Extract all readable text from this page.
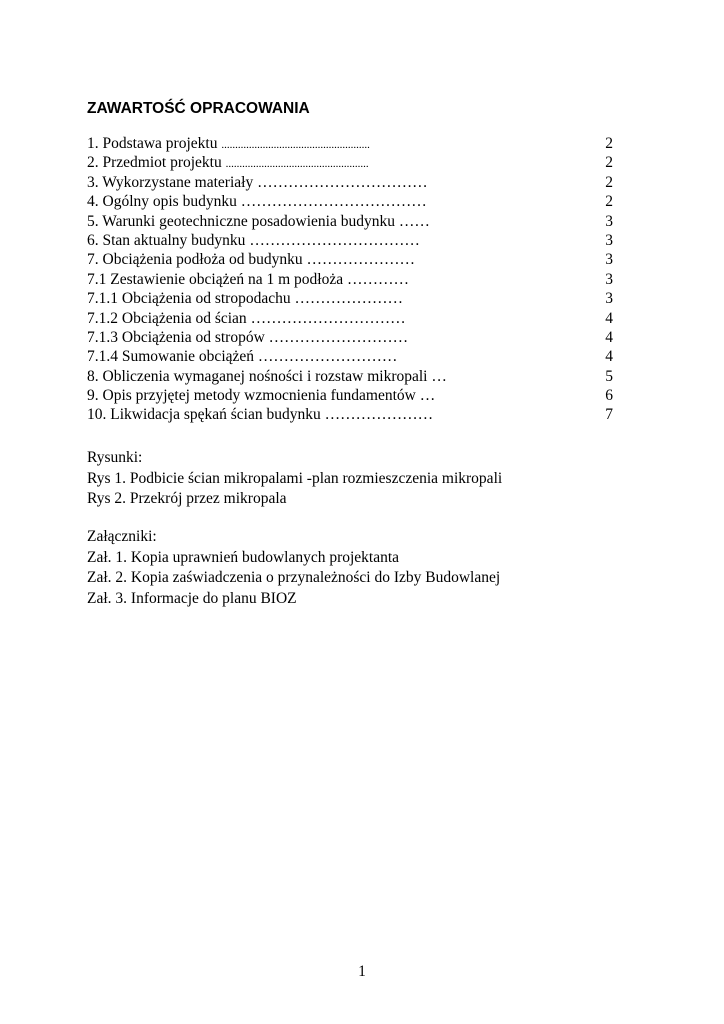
ZAWARTOŚĆ OPRACOWANIA
1. Podstawa projektu ......................................................	2
2. Przedmiot projektu ....................................................	2
3. Wykorzystane materiały ……………………………	2
4. Ogólny opis budynku ………………………………	2
5. Warunki geotechniczne posadowienia budynku ……	3
6. Stan aktualny budynku ……………………………	3
7. Obciążenia podłoża od budynku …………………	3
7.1 Zestawienie obciążeń na 1 m podłoża …………	3
7.1.1 Obciążenia od stropodachu …………………	3
7.1.2 Obciążenia od ścian …………………………	4
7.1.3 Obciążenia od stropów ………………………	4
7.1.4 Sumowanie obciążeń ………………………	4
8. Obliczenia wymaganej nośności i rozstaw mikropali …	5
9. Opis przyjętej metody wzmocnienia fundamentów …	6
10. Likwidacja spękań ścian budynku …………………	7
Rysunki:
Rys 1. Podbicie ścian mikropalami -plan rozmieszczenia mikropali
Rys 2. Przekrój przez mikropala
Załączniki:
Zał. 1. Kopia uprawnień budowlanych projektanta
Zał. 2. Kopia zaświadczenia o przynależności do Izby Budowlanej
Zał. 3. Informacje do planu BIOZ
1
